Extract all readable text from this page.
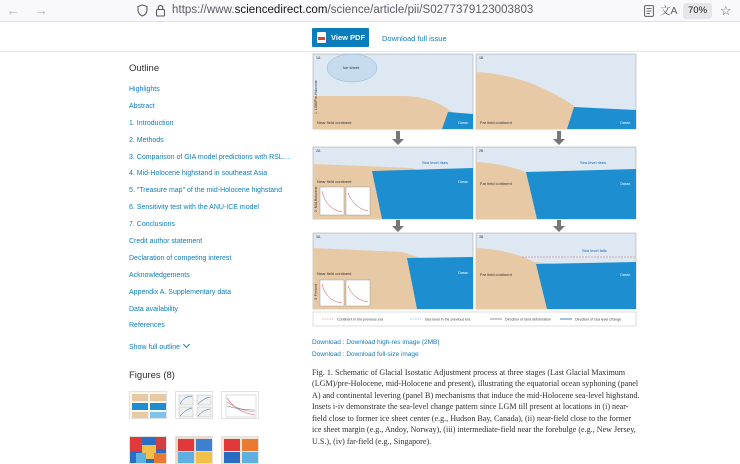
← →	https://www.sciencedirect.com/science/article/pii/S0277379123003803	文A	70% ☆
View PDF Download full issue
Outline
Highlights
Abstract
1. Introduction
2. Methods
3. Comparison of GIA model predictions with RSL…
4. Mid-Holocene highstand in southeast Asia
5. "Treasure map" of the mid-Holocene highstand
6. Sensitivity test with the ANU-ICE model
7. Conclusions
Credit author statement
Declaration of competing interest
Acknowledgements
Appendix A. Supplementary data
Data availability
References
Show full outline
Figures (8)
Ice sheet
Near field continent	Ocean
1A
Far field continent	Ocean
1B
2A
Near field continent
Sea level rises
Ocean
2B
Far field continent
Sea level rises
Ocean
3A
Near field continent	Ocean
3B
Far field continent
Sea level falls
Ocean
1. LGM/Pre-Holocene
2. Mid-Holocene
3. Present
Continent in the previous era	Sea level in the previous era	Direction of land deformation	Direction of sea level change
Download : Download high-res image (2MB)
Download : Download full-size image
Fig. 1. Schematic of Glacial Isostatic Adjustment process at three stages (Last Glacial Maximum (LGM)/pre-Holocene, mid-Holocene and present), illustrating the equatorial ocean syphoning (panel A) and continental levering (panel B) mechanisms that induce the mid-Holocene sea-level highstand. Insets i-iv demonstrate the sea-level change pattern since LGM till present at locations in (i) near-field close to former ice sheet center (e.g., Hudson Bay, Canada), (ii) near-field close to the former ice sheet margin (e.g., Andoy, Norway), (iii) intermediate-field near the forebulge (e.g., New Jersey, U.S.), (iv) far-field (e.g., Singapore).
